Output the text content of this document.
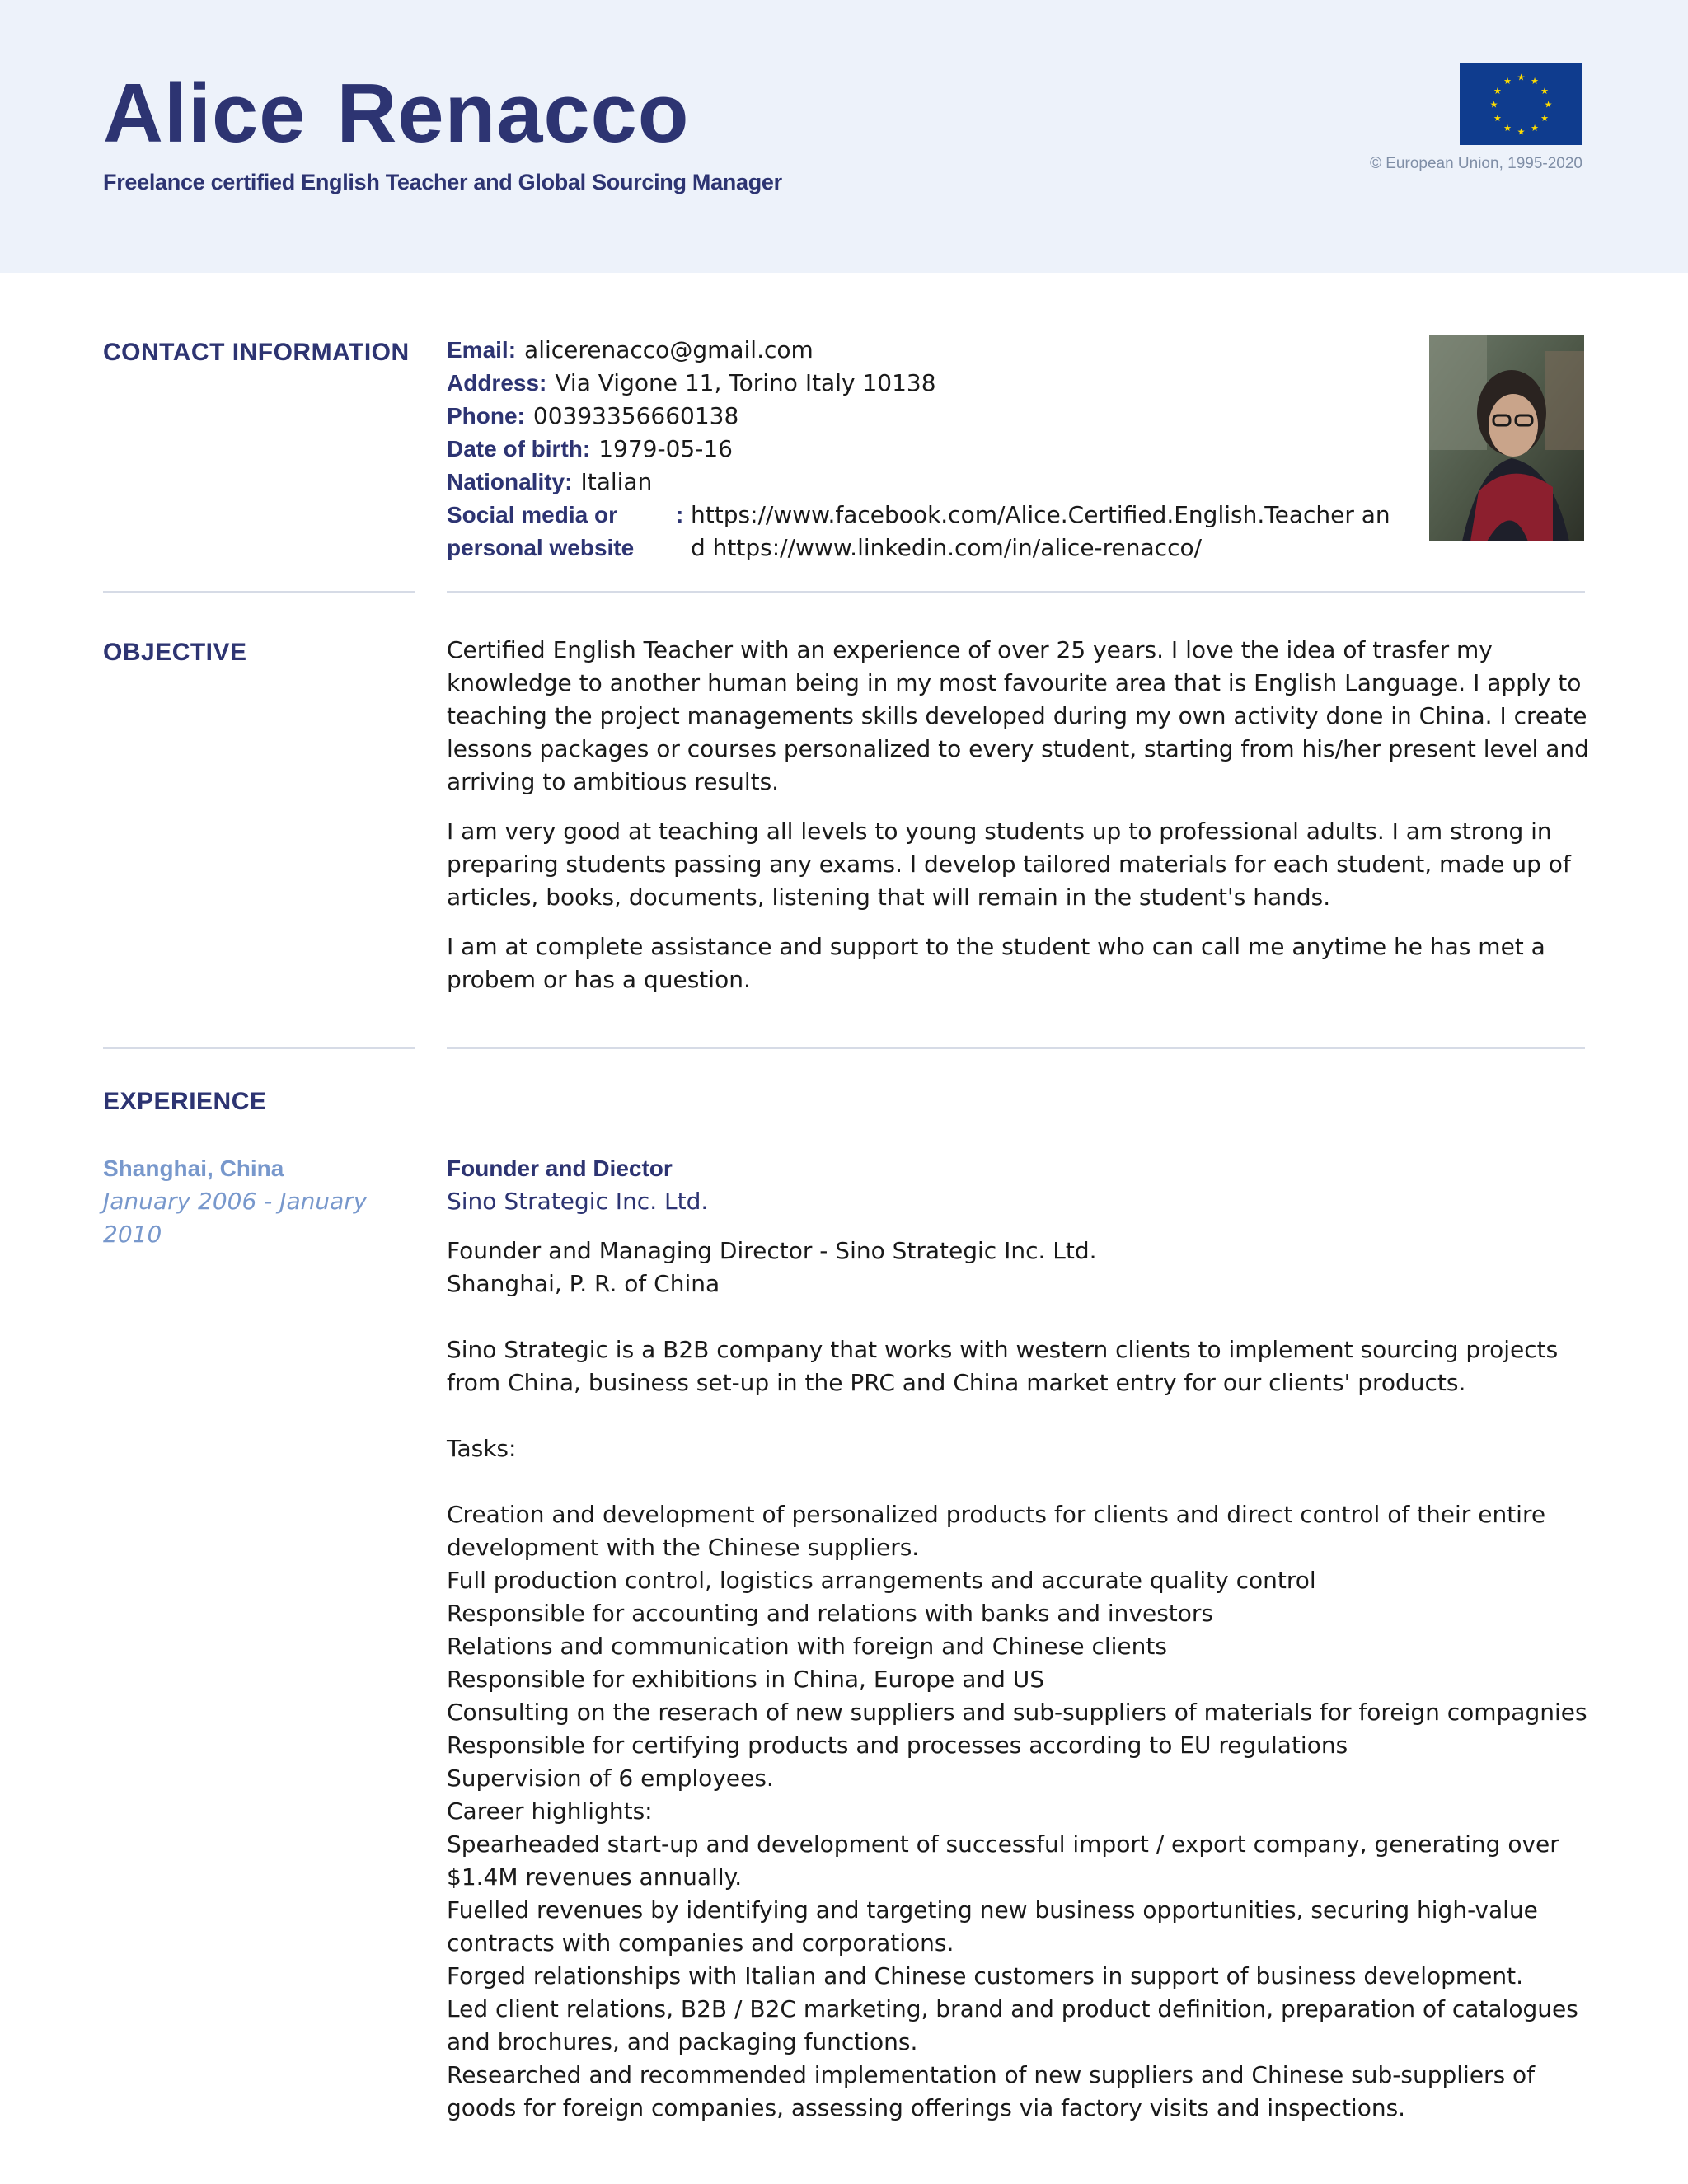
Alice Renacco
Freelance certified English Teacher and Global Sourcing Manager
★ ★
★
★
★
★
★
★
★
★
★
★
© European Union, 1995-2020
CONTACT INFORMATION Email: alicerenacco@gmail.com
Address: Via Vigone 11, Torino Italy 10138
Phone: 00393356660138
Date of birth: 1979-05-16
Nationality: Italian
Social media or personal website
: https://www.facebook.com/Alice.Certified.English.Teacher and https://www.linkedin.com/in/alice-renacco/
OBJECTIVE	Certified English Teacher with an experience of over 25 years. I love the idea of trasfer my knowledge to another human being in my most favourite area that is English Language. I apply to teaching the project managements skills developed during my own activity done in China. I create lessons packages or courses personalized to every student, starting from his/her present level and arriving to ambitious results.

I am very good at teaching all levels to young students up to professional adults. I am strong in preparing students passing any exams. I develop tailored materials for each student, made up of articles, books, documents, listening that will remain in the student's hands.

I am at complete assistance and support to the student who can call me anytime he has met a probem or has a question.

EXPERIENCE
Shanghai, China
January 2006 - January 2010
Founder and Diector
Sino Strategic Inc. Ltd.
Founder and Managing Director - Sino Strategic Inc. Ltd.
Shanghai, P. R. of China
Sino Strategic is a B2B company that works with western clients to implement sourcing projects from China, business set-up in the PRC and China market entry for our clients' products.
Tasks:
Creation and development of personalized products for clients and direct control of their entire development with the Chinese suppliers.
Full production control, logistics arrangements and accurate quality control
Responsible for accounting and relations with banks and investors
Relations and communication with foreign and Chinese clients
Responsible for exhibitions in China, Europe and US
Consulting on the reserach of new suppliers and sub-suppliers of materials for foreign compagnies
Responsible for certifying products and processes according to EU regulations
Supervision of 6 employees.
Career highlights:
Spearheaded start-up and development of successful import / export company, generating over $1.4M revenues annually.
Fuelled revenues by identifying and targeting new business opportunities, securing high-value contracts with companies and corporations.
Forged relationships with Italian and Chinese customers in support of business development.
Led client relations, B2B / B2C marketing, brand and product definition, preparation of catalogues and brochures, and packaging functions.
Researched and recommended implementation of new suppliers and Chinese sub-suppliers of goods for foreign companies, assessing offerings via factory visits and inspections.
